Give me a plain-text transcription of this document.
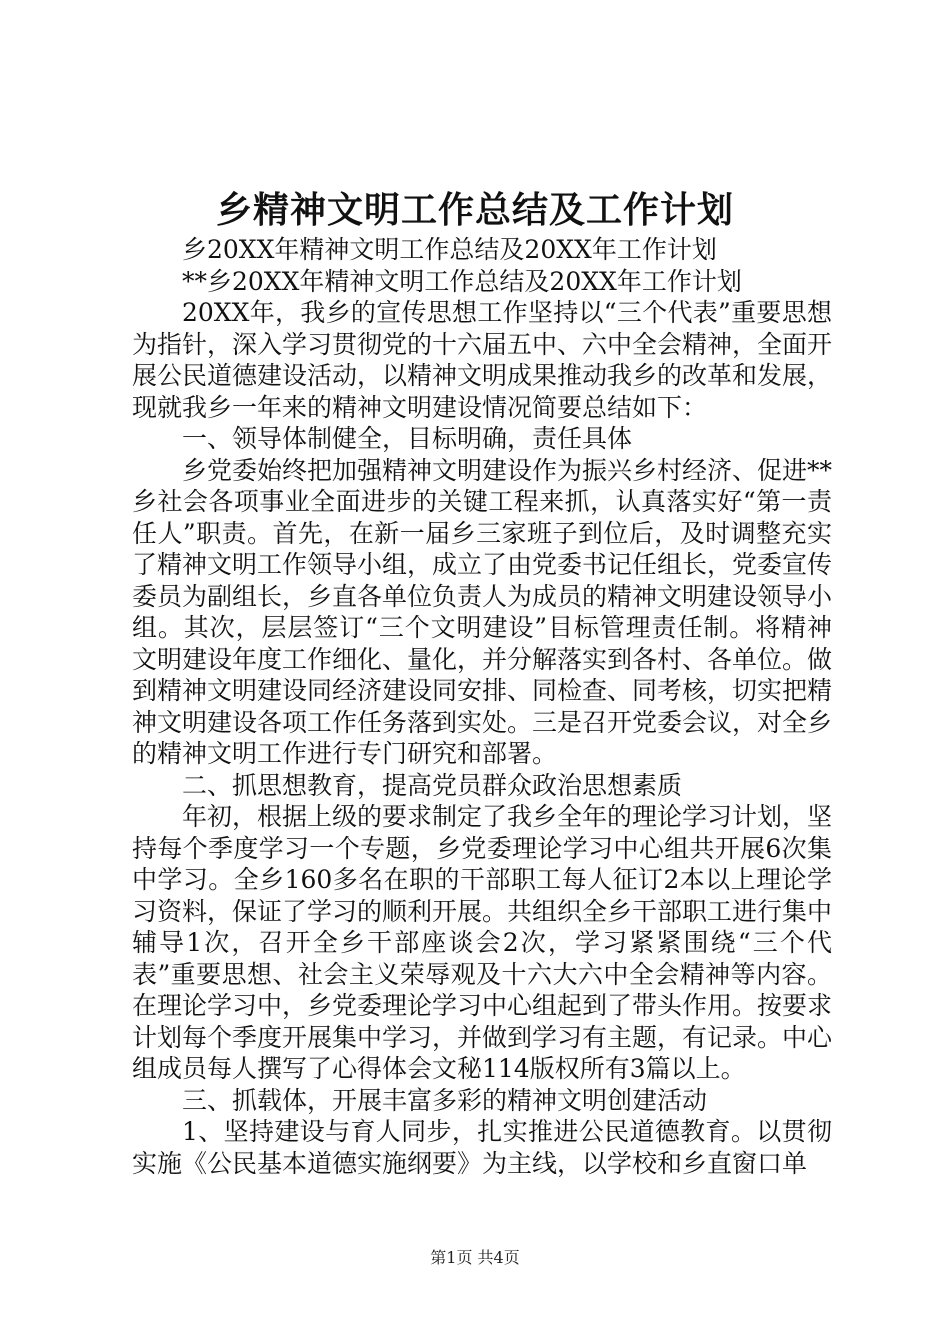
乡精神文明工作总结及工作计划

乡20XX年精神文明工作总结及20XX年工作计划

**乡20XX年精神文明工作总结及20XX年工作计划

20XX年，我乡的宣传思想工作坚持以“三个代表”重要思想为指针，深入学习贯彻党的十六届五中、六中全会精神，全面开展公民道德建设活动，以精神文明成果推动我乡的改革和发展，现就我乡一年来的精神文明建设情况简要总结如下：

一、领导体制健全，目标明确，责任具体

乡党委始终把加强精神文明建设作为振兴乡村经济、促进**乡社会各项事业全面进步的关键工程来抓，认真落实好“第一责任人”职责。首先，在新一届乡三家班子到位后，及时调整充实了精神文明工作领导小组，成立了由党委书记任组长，党委宣传委员为副组长，乡直各单位负责人为成员的精神文明建设领导小组。其次，层层签订“三个文明建设”目标管理责任制。将精神文明建设年度工作细化、量化，并分解落实到各村、各单位。做到精神文明建设同经济建设同安排、同检查、同考核，切实把精神文明建设各项工作任务落到实处。三是召开党委会议，对全乡的精神文明工作进行专门研究和部署。

二、抓思想教育，提高党员群众政治思想素质

年初，根据上级的要求制定了我乡全年的理论学习计划，坚持每个季度学习一个专题，乡党委理论学习中心组共开展6次集中学习。全乡160多名在职的干部职工每人征订2本以上理论学习资料，保证了学习的顺利开展。共组织全乡干部职工进行集中辅导1次，召开全乡干部座谈会2次，学习紧紧围绕“三个代表”重要思想、社会主义荣辱观及十六大六中全会精神等内容。在理论学习中，乡党委理论学习中心组起到了带头作用。按要求计划每个季度开展集中学习，并做到学习有主题，有记录。中心组成员每人撰写了心得体会文秘114版权所有3篇以上。

三、抓载体，开展丰富多彩的精神文明创建活动

1、坚持建设与育人同步，扎实推进公民道德教育。以贯彻实施《公民基本道德实施纲要》为主线，以学校和乡直窗口单

第1页 共4页
